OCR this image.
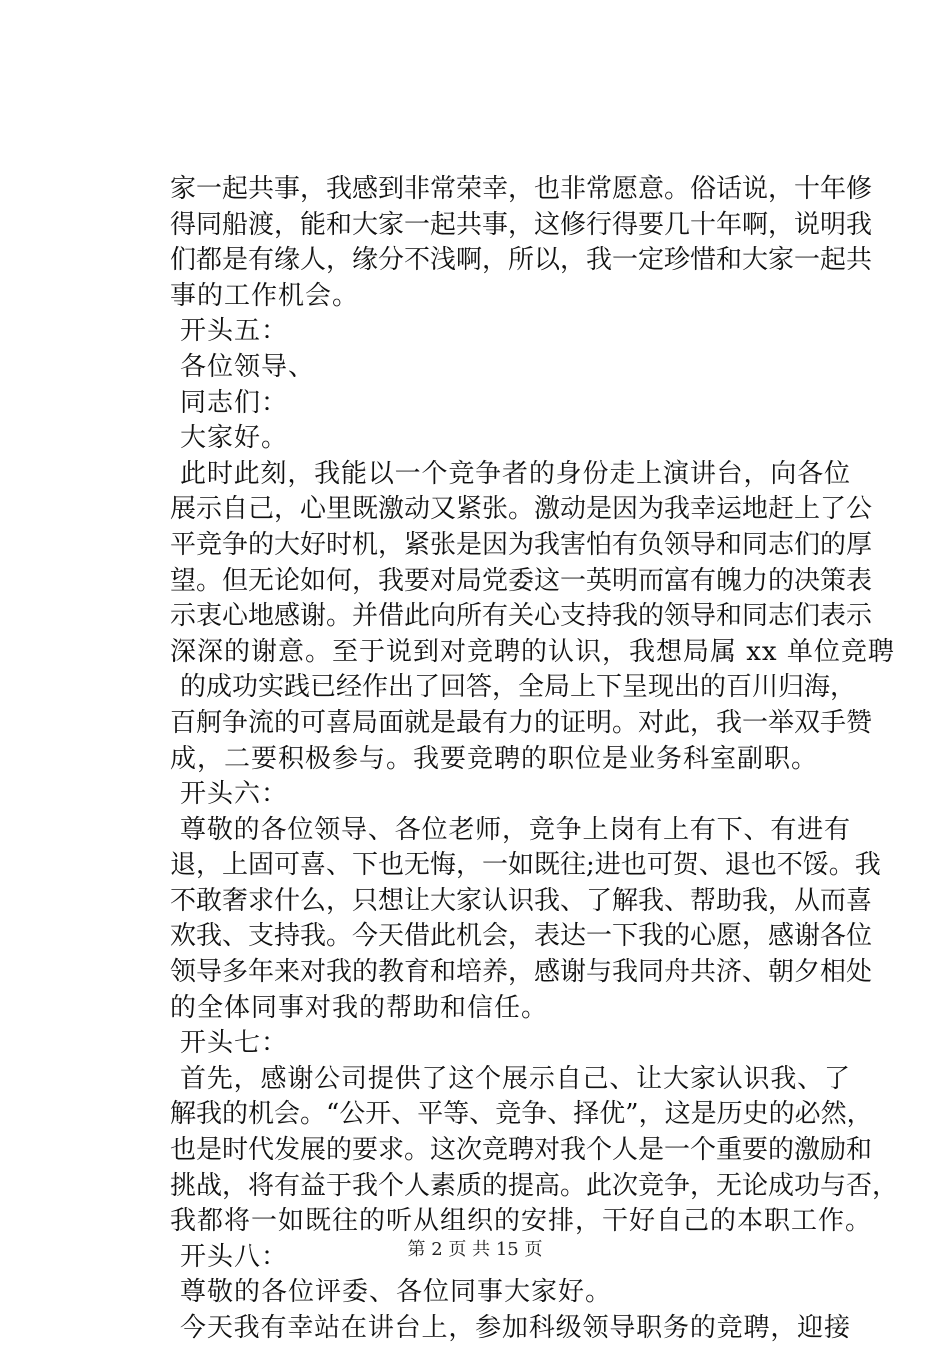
家一起共事，我感到非常荣幸，也非常愿意。俗话说，十年修
得同船渡，能和大家一起共事，这修行得要几十年啊，说明我
们都是有缘人，缘分不浅啊，所以，我一定珍惜和大家一起共
事的工作机会。
开头五：
各位领导、
同志们：
大家好。
此时此刻，我能以一个竞争者的身份走上演讲台，向各位
展示自己，心里既激动又紧张。激动是因为我幸运地赶上了公
平竞争的大好时机，紧张是因为我害怕有负领导和同志们的厚
望。但无论如何，我要对局党委这一英明而富有魄力的决策表
示衷心地感谢。并借此向所有关心支持我的领导和同志们表示
深深的谢意。至于说到对竞聘的认识，我想局属 xx 单位竞聘
的成功实践已经作出了回答，全局上下呈现出的百川归海，
百舸争流的可喜局面就是最有力的证明。对此，我一举双手赞
成，二要积极参与。我要竞聘的职位是业务科室副职。
开头六：
尊敬的各位领导、各位老师，竞争上岗有上有下、有进有
退，上固可喜、下也无悔，一如既往;进也可贺、退也不馁。我
不敢奢求什么，只想让大家认识我、了解我、帮助我，从而喜
欢我、支持我。今天借此机会，表达一下我的心愿，感谢各位
领导多年来对我的教育和培养，感谢与我同舟共济、朝夕相处
的全体同事对我的帮助和信任。
开头七：
首先，感谢公司提供了这个展示自己、让大家认识我、了
解我的机会。“公开、平等、竞争、择优”，这是历史的必然，
也是时代发展的要求。这次竞聘对我个人是一个重要的激励和
挑战，将有益于我个人素质的提高。此次竞争，无论成功与否，
我都将一如既往的听从组织的安排，干好自己的本职工作。
开头八：
尊敬的各位评委、各位同事大家好。
今天我有幸站在讲台上，参加科级领导职务的竞聘，迎接
第 2 页 共 15 页
